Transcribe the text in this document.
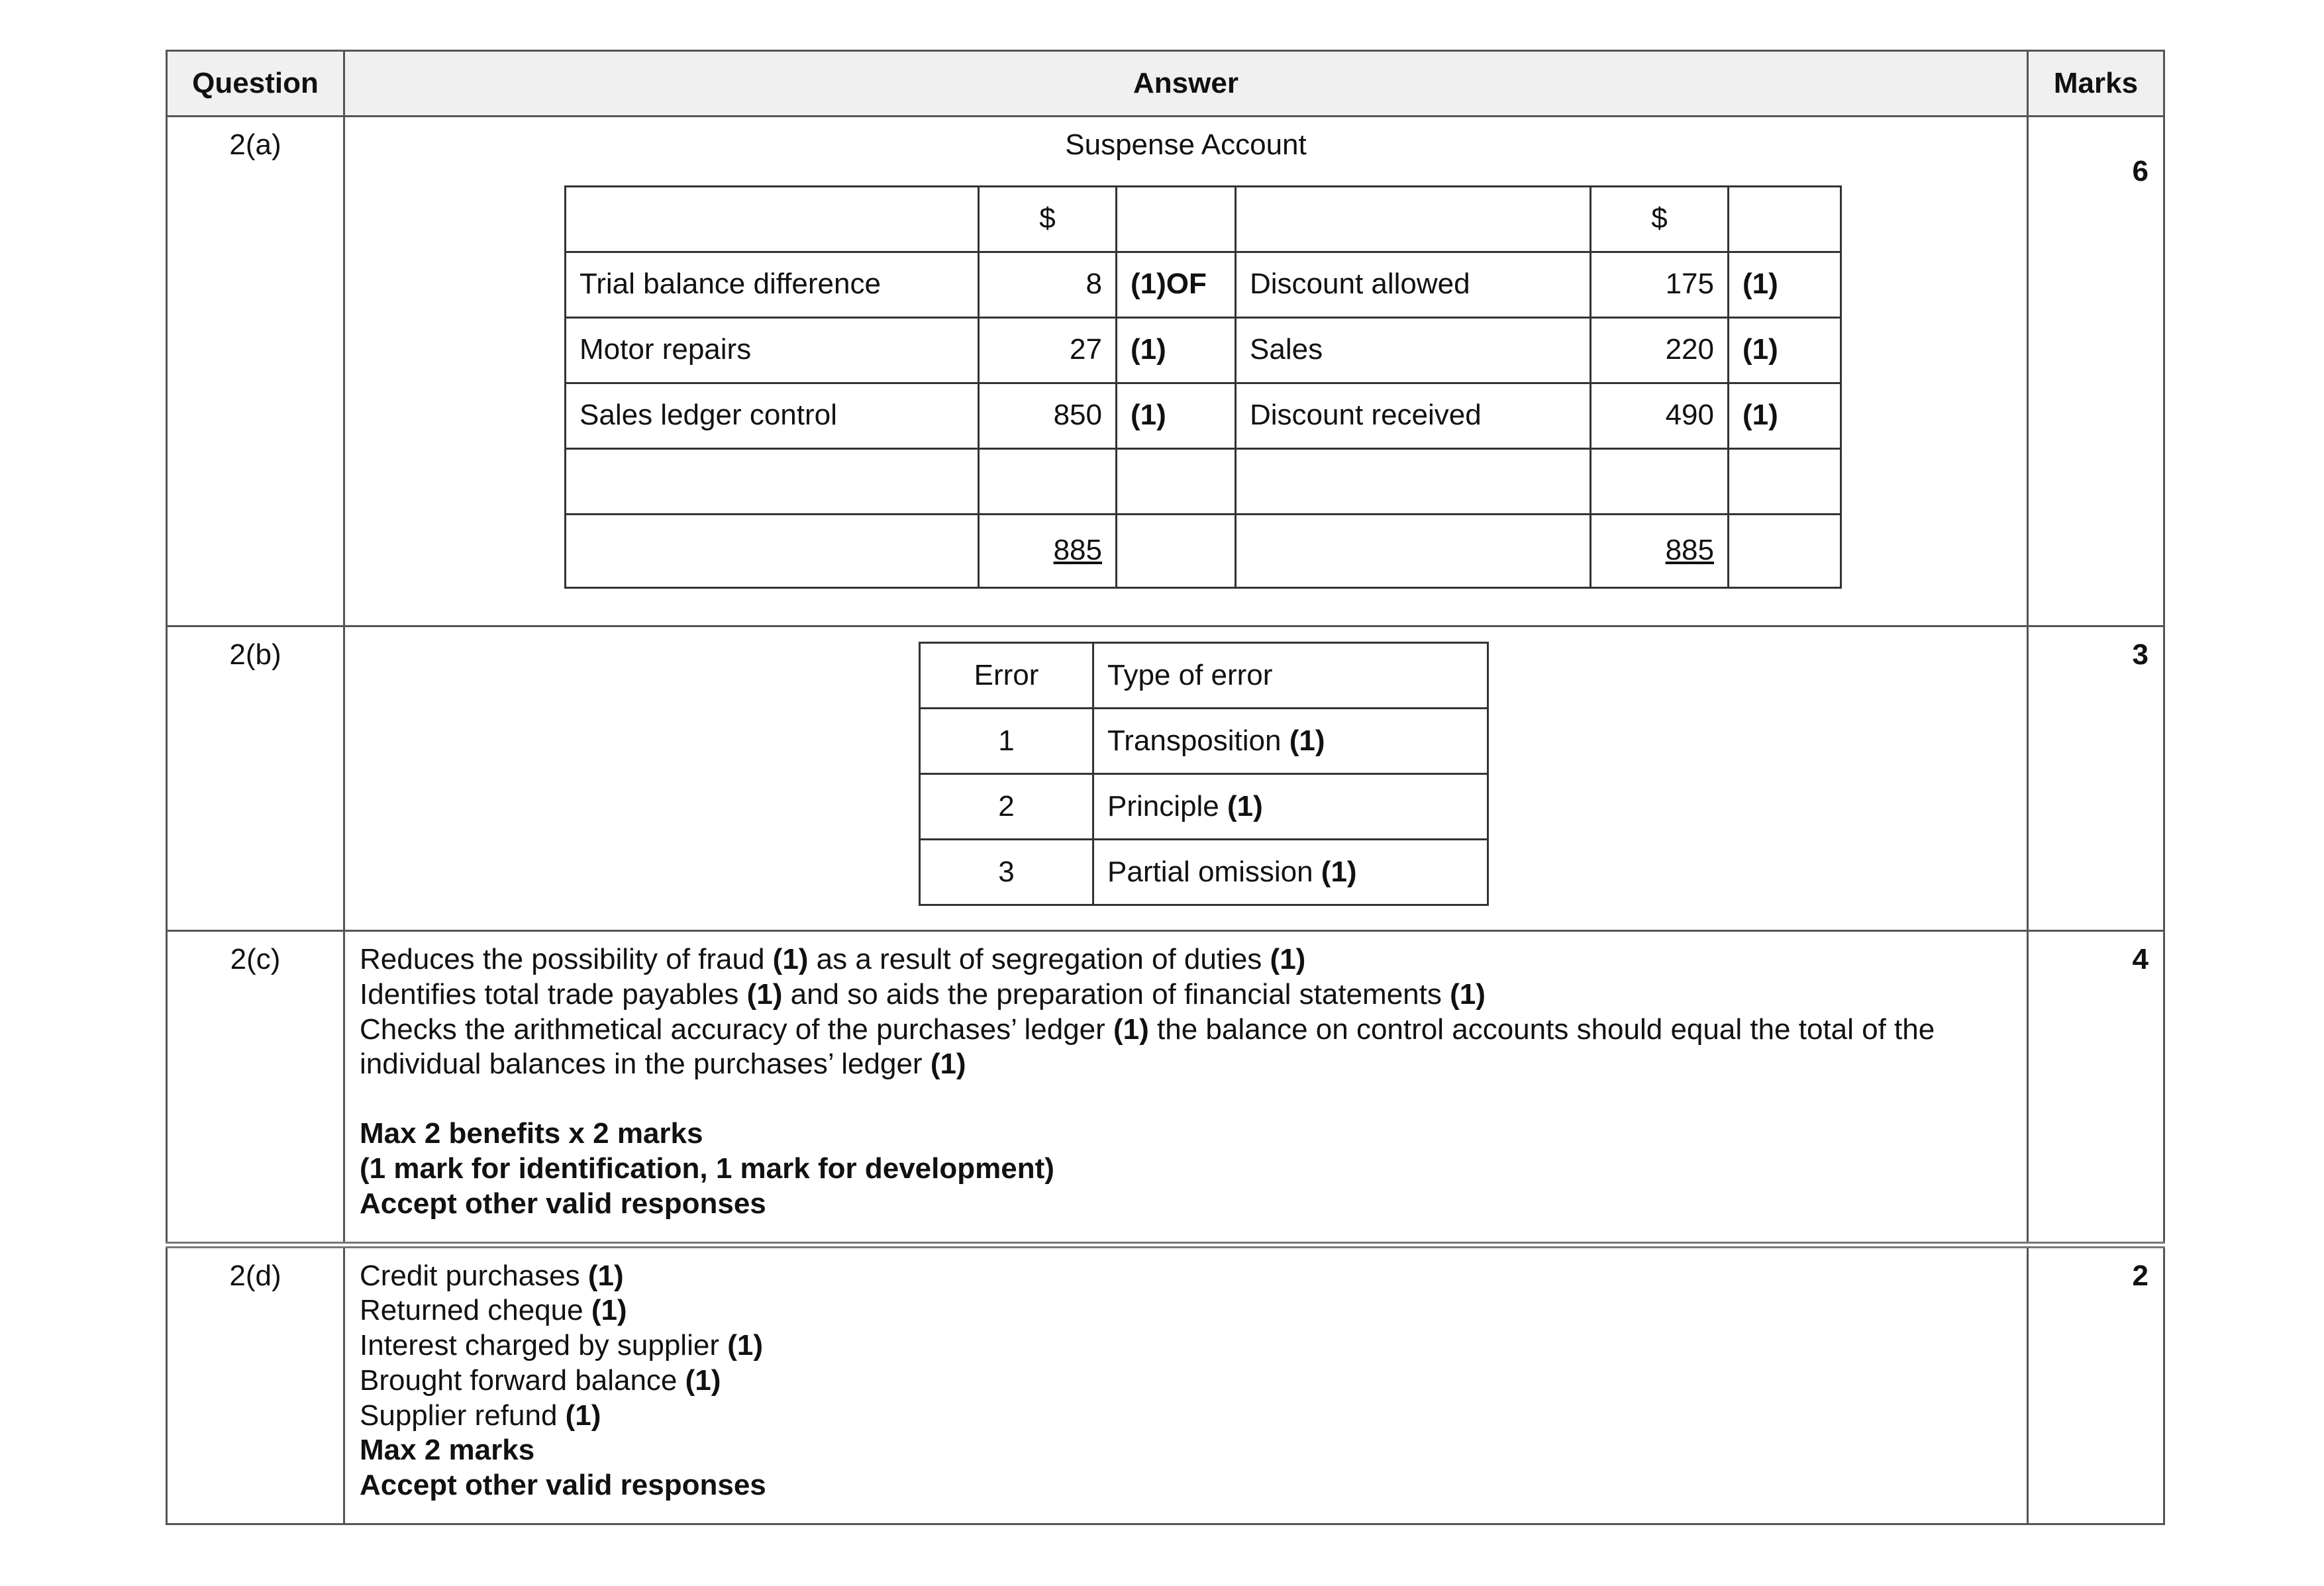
Question	Answer	Marks
2(a)	Suspense Account
	$			$	
Trial balance difference	8	(1)OF	Discount allowed	175	(1)
Motor repairs	27	(1)	Sales	220	(1)
Sales ledger control	850	(1)	Discount received	490	(1)

	885			885	
	6
2(b)	
Error	Type of error
1	Transposition (1)
2	Principle (1)
3	Partial omission (1)
	3
2(c)	Reduces the possibility of fraud (1) as a result of segregation of duties (1)
Identifies total trade payables (1) and so aids the preparation of financial statements (1)
Checks the arithmetical accuracy of the purchases’ ledger (1) the balance on control accounts should equal the total of the individual balances in the purchases’ ledger (1)
Max 2 benefits x 2 marks
(1 mark for identification, 1 mark for development)
Accept other valid responses
	4
2(d)	Credit purchases (1)
Returned cheque (1)
Interest charged by supplier (1)
Brought forward balance (1)
Supplier refund (1)
Max 2 marks
Accept other valid responses
	2
